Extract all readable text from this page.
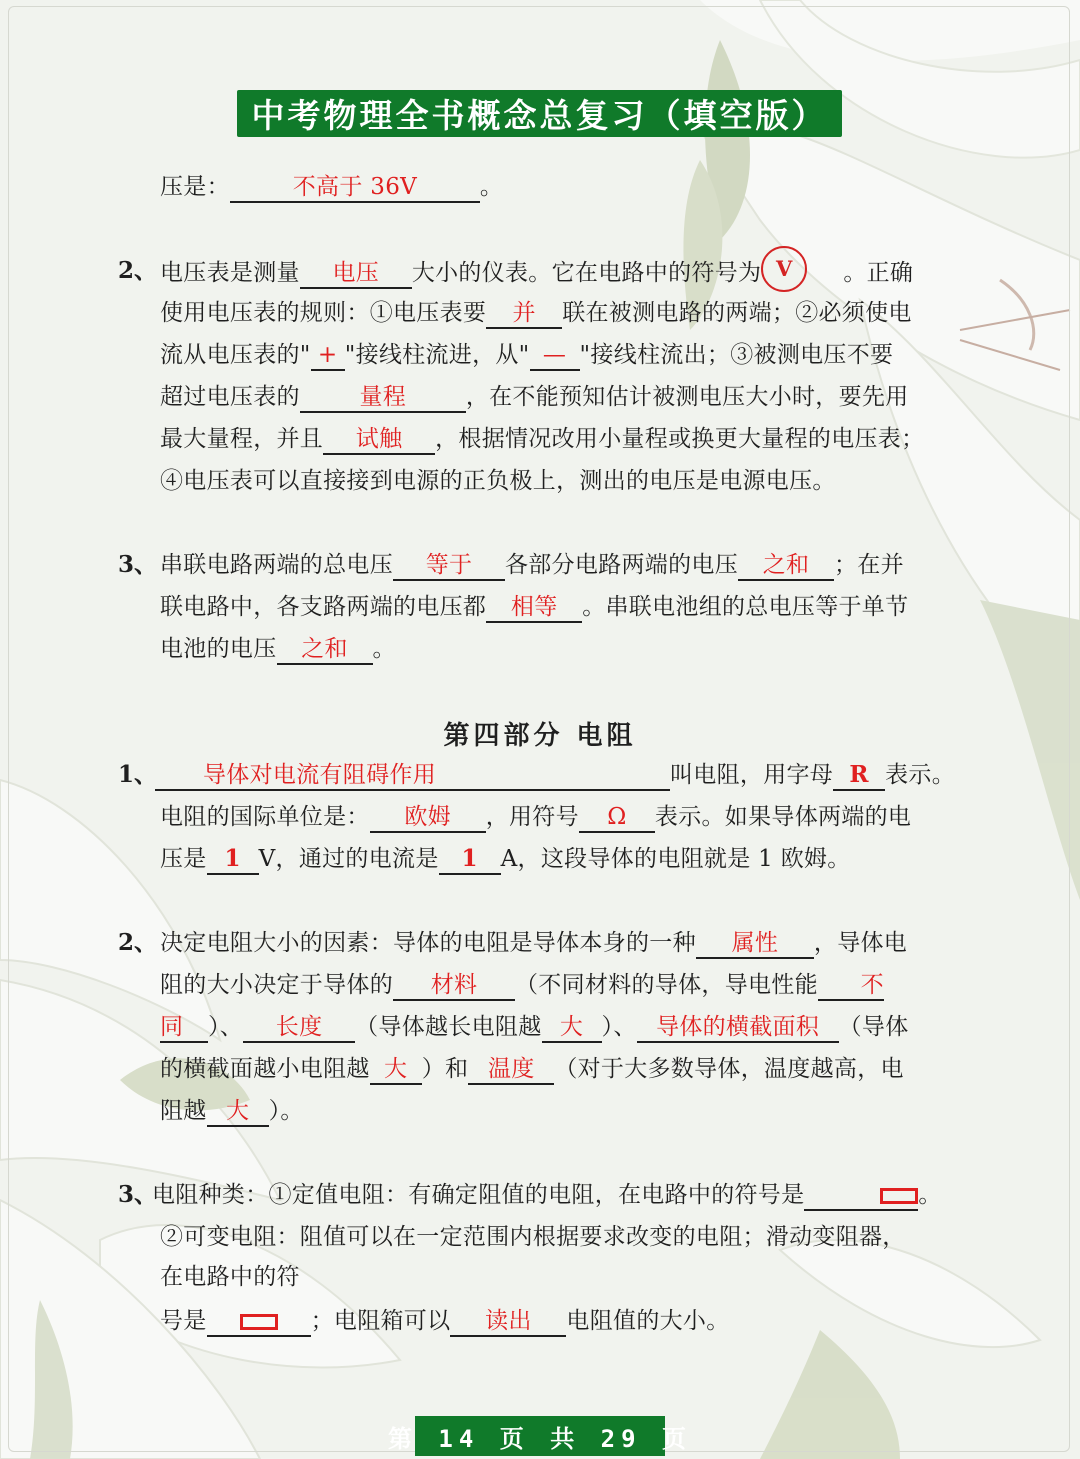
中考物理全书概念总复习（填空版）
压是：	不高于 36V	。
2、 电压表是测量 电压 大小的仪表。它在电路中的符号为 V 。正确
使用电压表的规则：①电压表要 并 联在被测电路的两端；②必须使电
流从电压表的" + "接线柱流进，从" — "接线柱流出；③被测电压不要
超过电压表的	量程	，在不能预知估计被测电压大小时，要先用
最大量程，并且 试触 ，根据情况改用小量程或换更大量程的电压表；
④电压表可以直接接到电源的正负极上，测出的电压是电源电压。
3、 串联电路两端的总电压 等于 各部分电路两端的电压 之和 ；在并
联电路中，各支路两端的电压都 相等 。串联电池组的总电压等于单节
电池的电压 之和 。
第四部分 电阻
1、	导体对电流有阻碍作用	叫电阻，用字母 R 表示。
电阻的国际单位是： 欧姆 ，用符号 Ω 表示。如果导体两端的电
压是 1 V，通过的电流是 1 A，这段导体的电阻就是 1 欧姆。
2、 决定电阻大小的因素：导体的电阻是导体本身的一种 属性 ，导体电
阻的大小决定于导体的 材料 （不同材料的导体，导电性能 不
同 ）、 长度 （导体越长电阻越 大 ）、 导体的横截面积 （导体
的横截面越小电阻越 大 ）和 温度 （对于大多数导体，温度越高，电
阻越 大 ）。
3、
电阻种类：①定值电阻：有确定阻值的电阻，在电路中的符号是	。
②可变电阻：阻值可以在一定范围内根据要求改变的电阻；滑动变阻器，
在电路中的符
号是	；电阻箱可以 读出 电阻值的大小。
第 14 页 共 29 页
